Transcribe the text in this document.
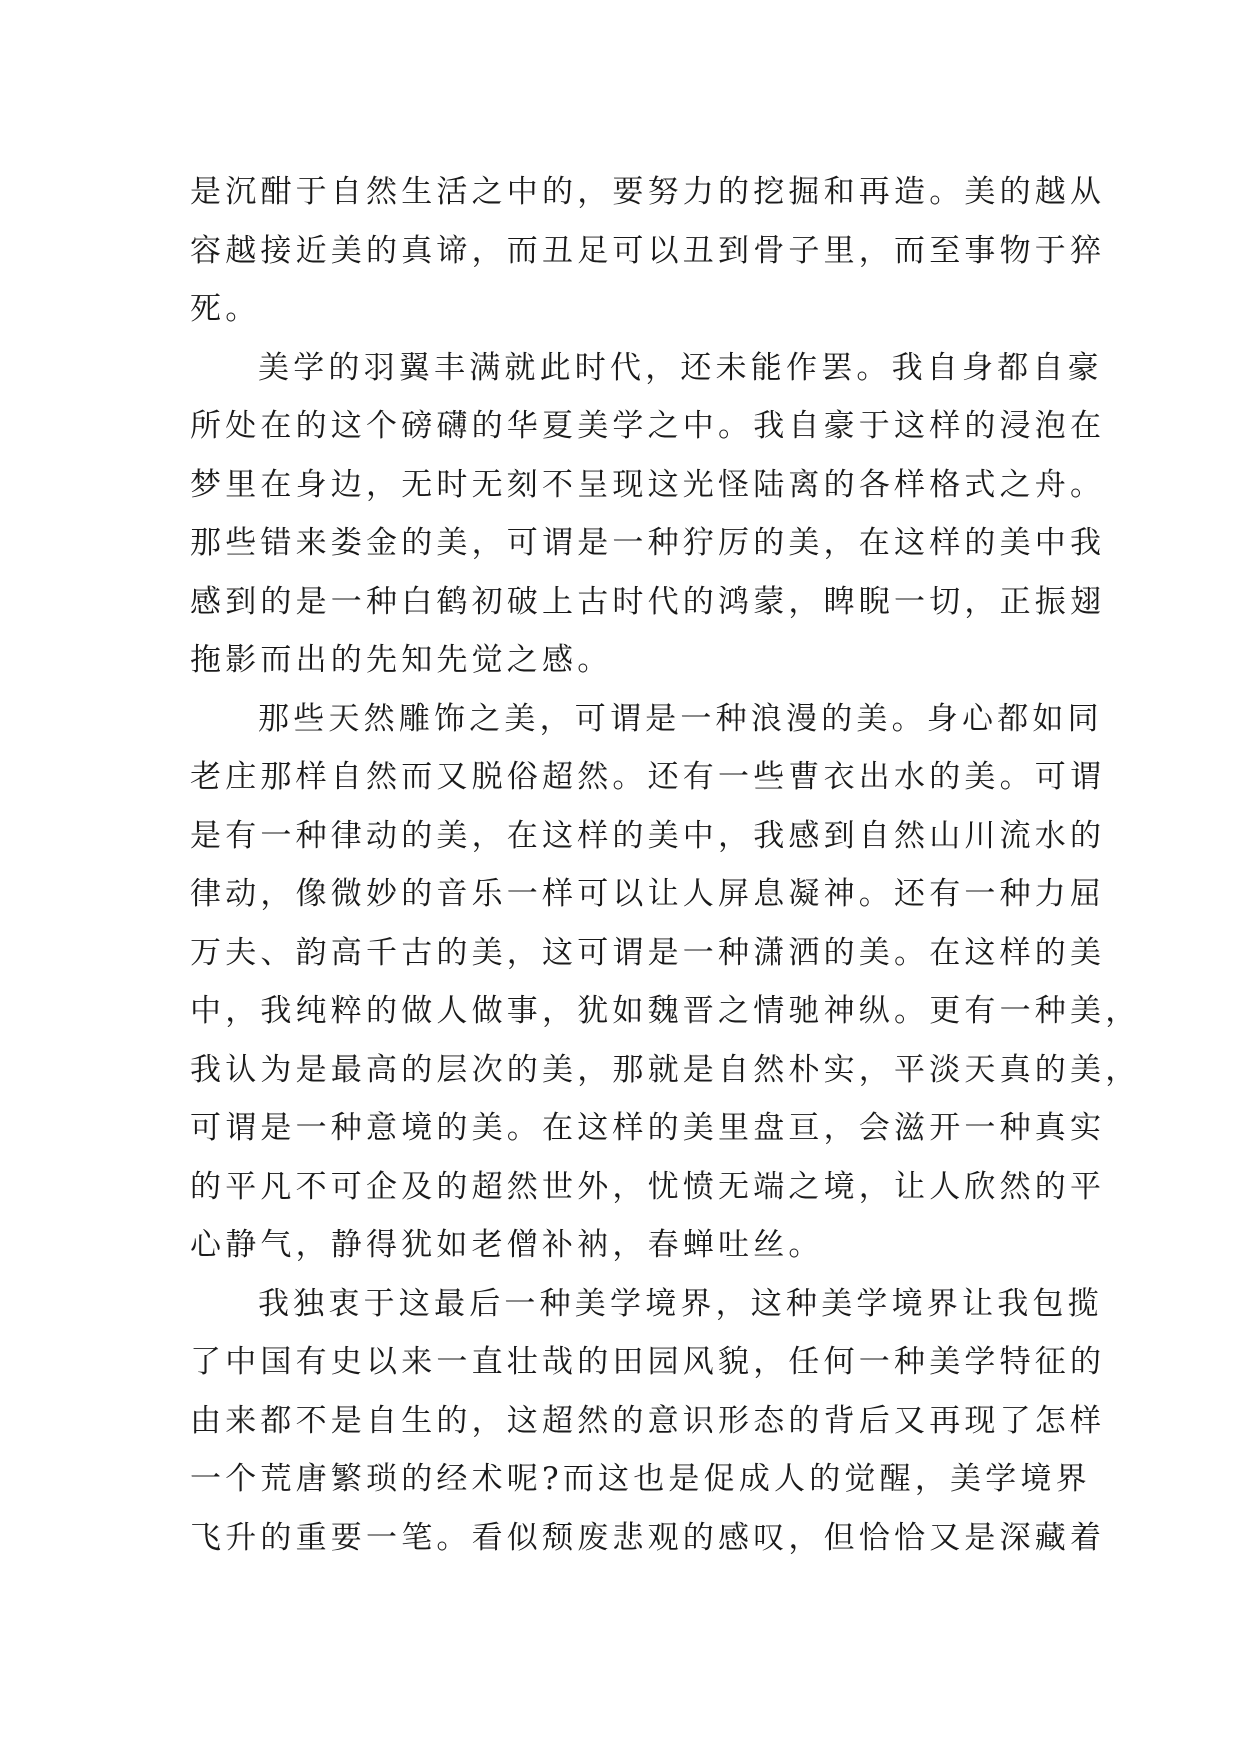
是沉酣于自然生活之中的，要努力的挖掘和再造。美的越从
容越接近美的真谛，而丑足可以丑到骨子里，而至事物于猝
死。
美学的羽翼丰满就此时代，还未能作罢。我自身都自豪
所处在的这个磅礴的华夏美学之中。我自豪于这样的浸泡在
梦里在身边，无时无刻不呈现这光怪陆离的各样格式之舟。
那些错来娄金的美，可谓是一种狞厉的美，在这样的美中我
感到的是一种白鹤初破上古时代的鸿蒙，睥睨一切，正振翅
拖影而出的先知先觉之感。
那些天然雕饰之美，可谓是一种浪漫的美。身心都如同
老庄那样自然而又脱俗超然。还有一些曹衣出水的美。可谓
是有一种律动的美，在这样的美中，我感到自然山川流水的
律动，像微妙的音乐一样可以让人屏息凝神。还有一种力屈
万夫、韵高千古的美，这可谓是一种潇洒的美。在这样的美
中，我纯粹的做人做事，犹如魏晋之情驰神纵。更有一种美，
我认为是最高的层次的美，那就是自然朴实，平淡天真的美，
可谓是一种意境的美。在这样的美里盘亘，会滋开一种真实
的平凡不可企及的超然世外，忧愤无端之境，让人欣然的平
心静气，静得犹如老僧补衲，春蝉吐丝。
我独衷于这最后一种美学境界，这种美学境界让我包揽
了中国有史以来一直壮哉的田园风貌，任何一种美学特征的
由来都不是自生的，这超然的意识形态的背后又再现了怎样
一个荒唐繁琐的经术呢?而这也是促成人的觉醒，美学境界
飞升的重要一笔。看似颓废悲观的感叹，但恰恰又是深藏着
